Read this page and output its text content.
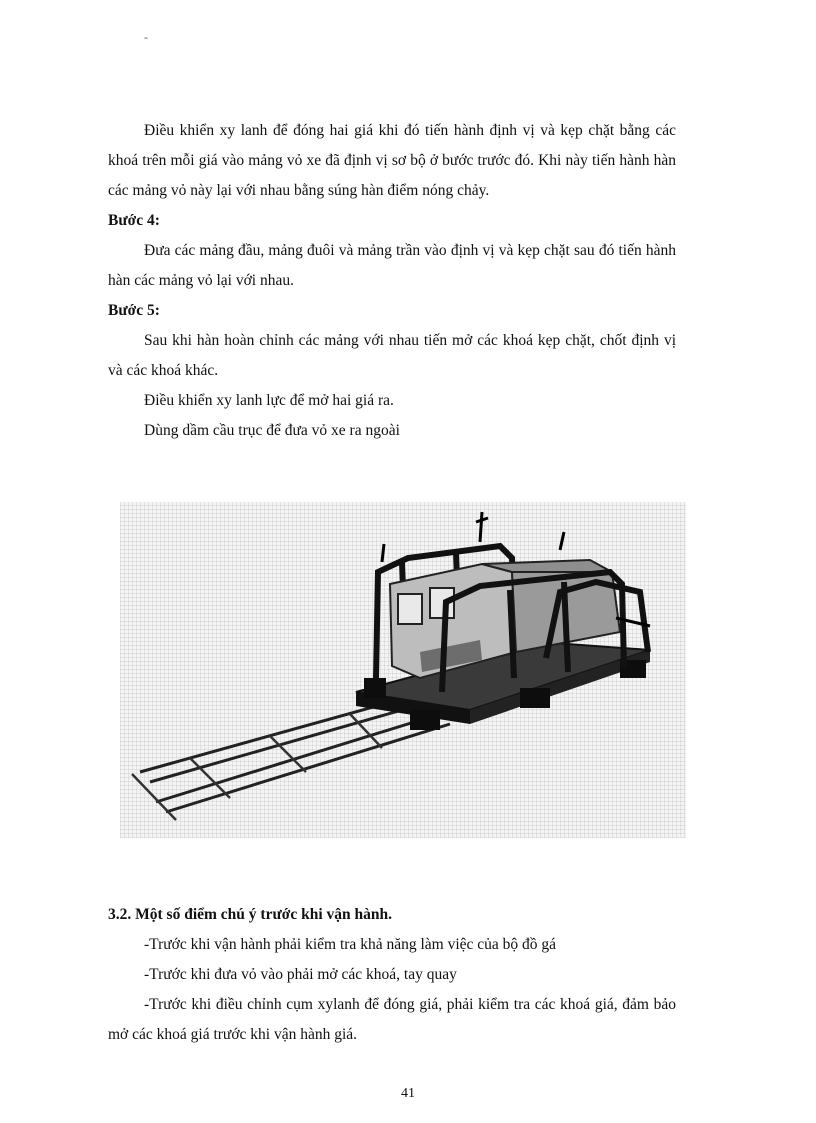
-

Điều khiển xy lanh để đóng hai giá khi đó tiến hành định vị và kẹp chặt bằng các khoá trên mỗi giá vào mảng vỏ xe đã định vị sơ bộ ở bước trước đó. Khi này tiến hành hàn các mảng vỏ này lại với nhau bằng súng hàn điểm nóng chảy.

Bước 4:

Đưa các mảng đầu, mảng đuôi và mảng trần vào định vị và kẹp chặt sau đó tiến hành hàn các mảng vỏ lại với nhau.

Bước 5:

Sau khi hàn hoàn chỉnh các mảng với nhau tiến mở các khoá kẹp chặt, chốt định vị và các khoá khác.

Điều khiển xy lanh lực để mở hai giá ra.

Dùng dầm cầu trục để đưa vỏ xe ra ngoài

3.2. Một số điểm chú ý trước khi vận hành.

-Trước khi vận hành phải kiểm tra khả năng làm việc của bộ đồ gá

-Trước khi đưa vỏ vào phải mở các khoá, tay quay

-Trước khi điều chỉnh cụm xylanh để đóng giá, phải kiểm tra các khoá giá, đảm bảo mở các khoá giá trước khi vận hành giá.

41
